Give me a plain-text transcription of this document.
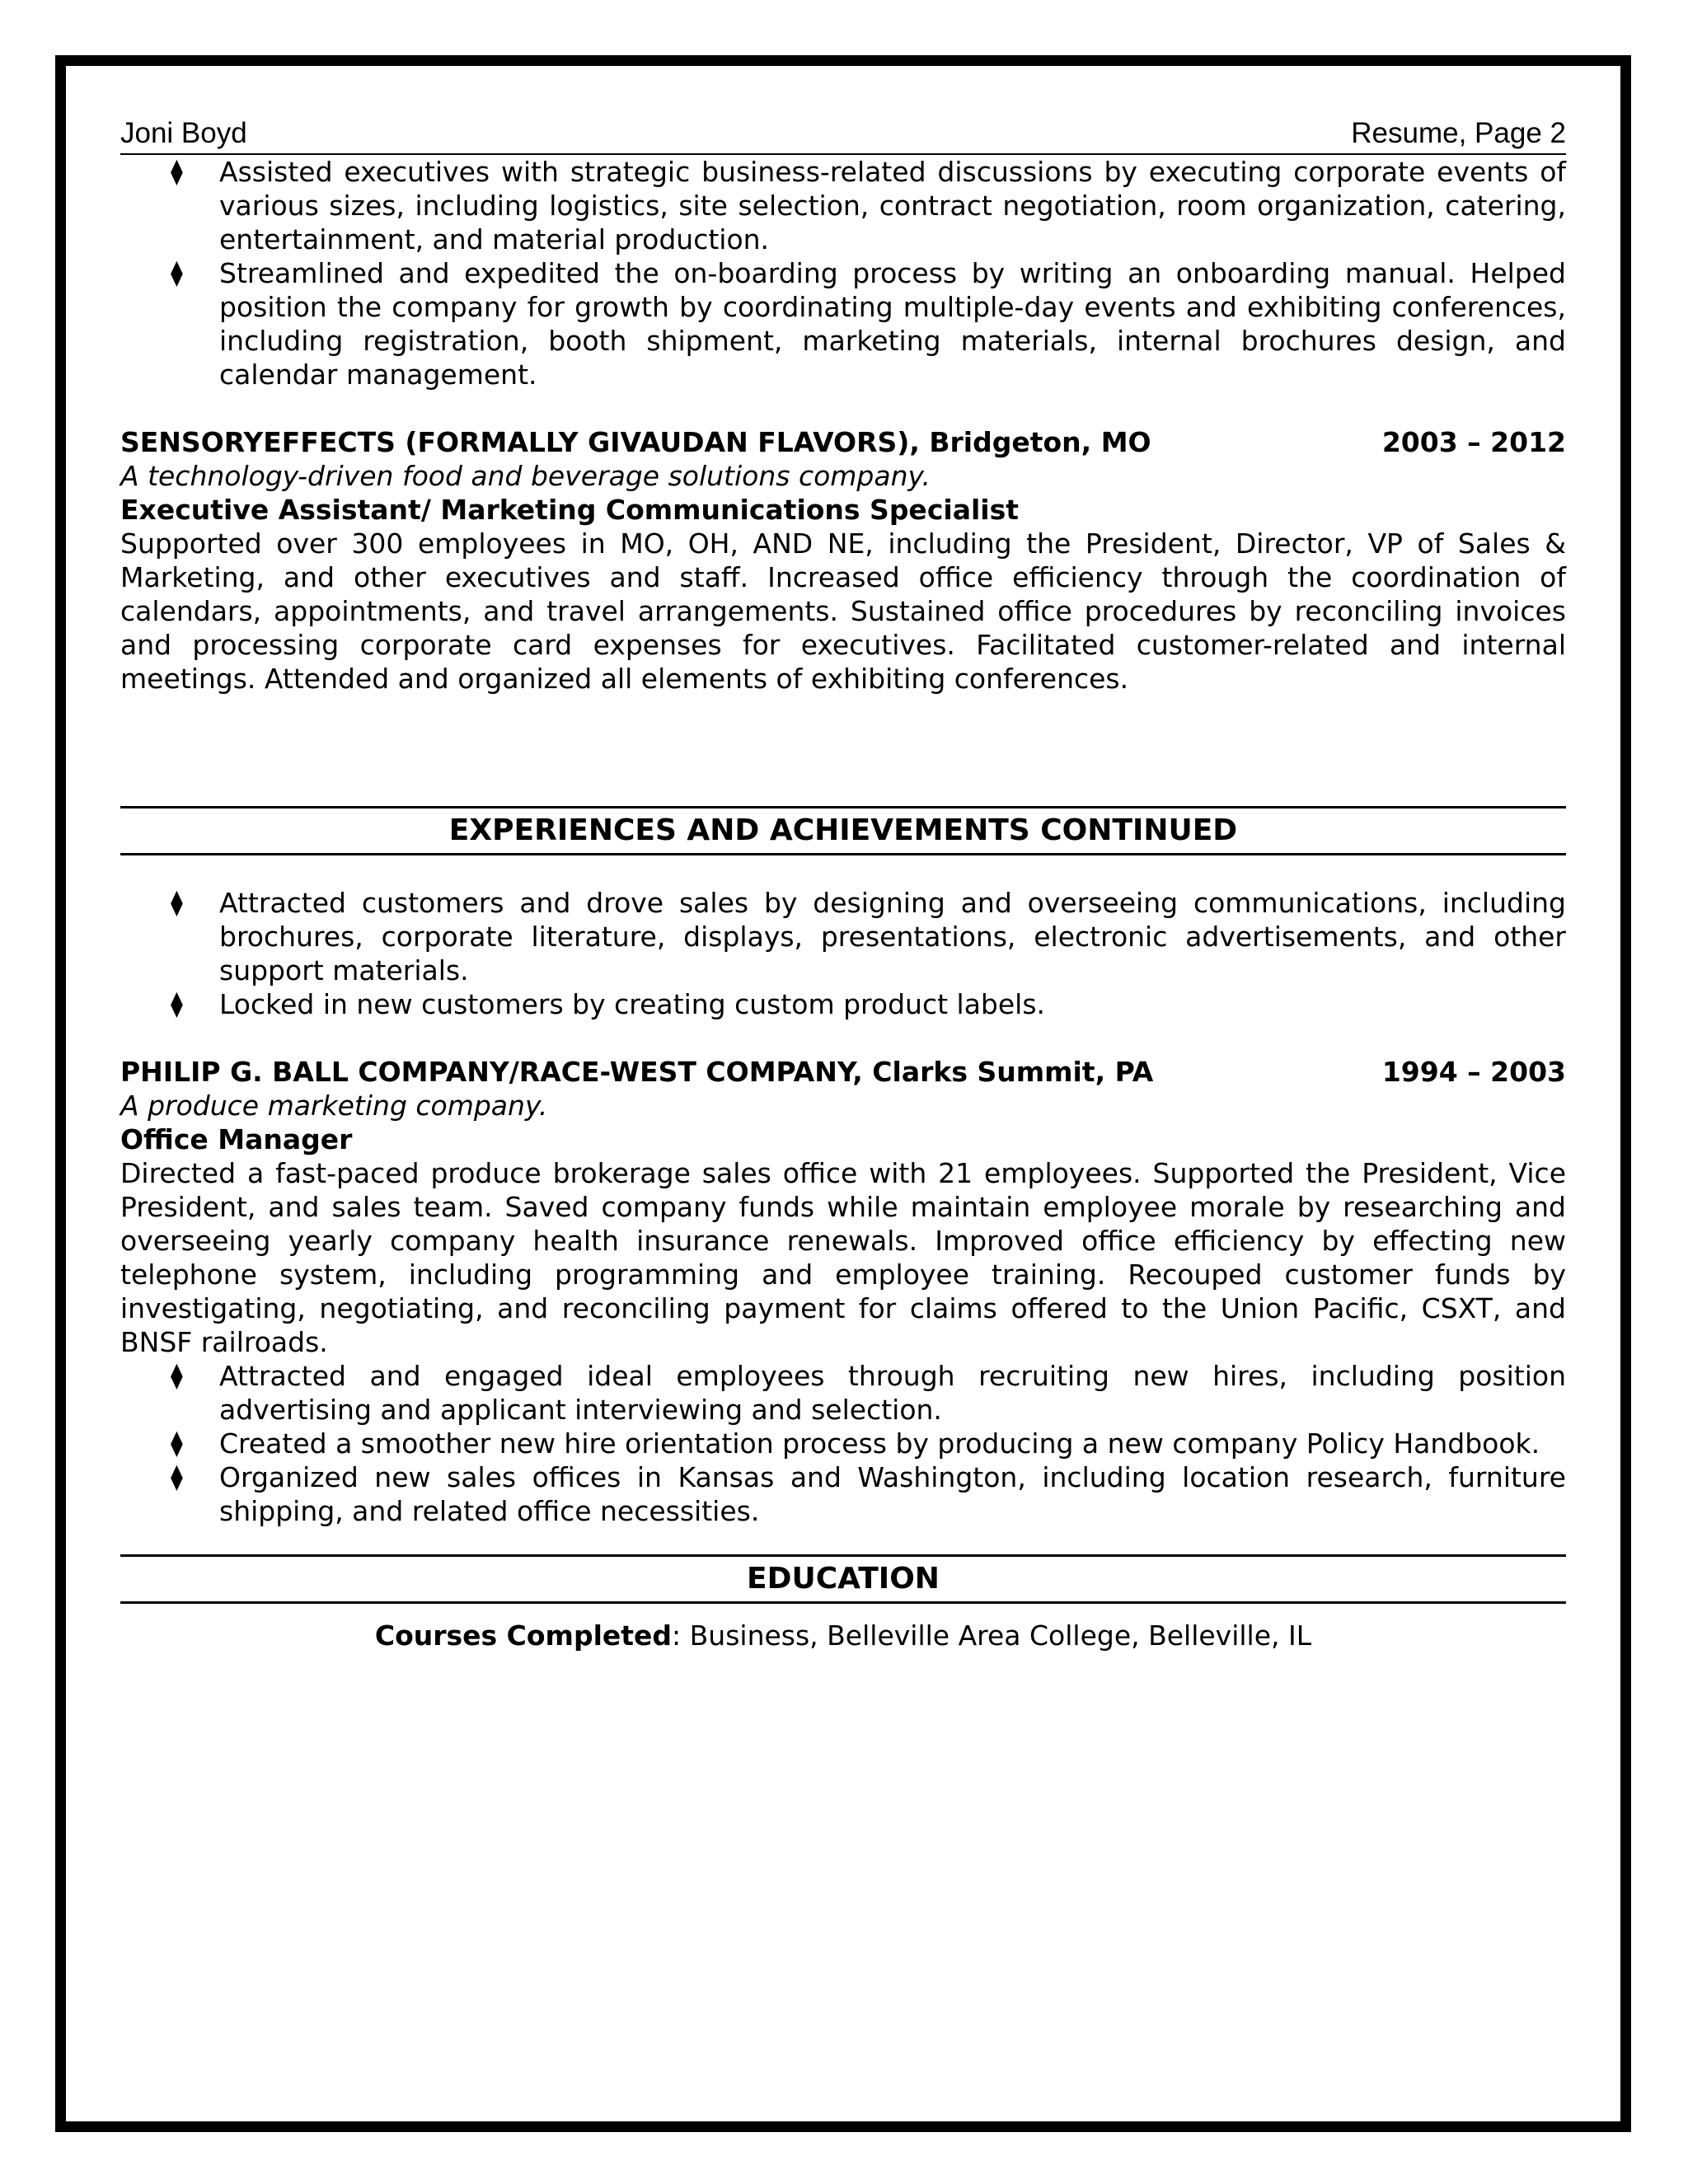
Joni Boyd	Resume, Page 2
⧫ Assisted executives with strategic business-related discussions by executing corporate events of various sizes, including logistics, site selection, contract negotiation, room organization, catering, entertainment, and material production.
⧫ Streamlined and expedited the on-boarding process by writing an onboarding manual. Helped position the company for growth by coordinating multiple-day events and exhibiting conferences, including registration, booth shipment, marketing materials, internal brochures design, and calendar management.
SENSORYEFFECTS (FORMALLY GIVAUDAN FLAVORS), Bridgeton, MO	2003 – 2012
A technology-driven food and beverage solutions company.
Executive Assistant/ Marketing Communications Specialist
Supported over 300 employees in MO, OH, AND NE, including the President, Director, VP of Sales & Marketing, and other executives and staff. Increased office efficiency through the coordination of calendars, appointments, and travel arrangements. Sustained office procedures by reconciling invoices and processing corporate card expenses for executives. Facilitated customer-related and internal meetings. Attended and organized all elements of exhibiting conferences.
EXPERIENCES AND ACHIEVEMENTS CONTINUED
⧫ Attracted customers and drove sales by designing and overseeing communications, including brochures, corporate literature, displays, presentations, electronic advertisements, and other support materials.
⧫ Locked in new customers by creating custom product labels.
PHILIP G. BALL COMPANY/RACE-WEST COMPANY, Clarks Summit, PA	1994 – 2003
A produce marketing company.
Office Manager
Directed a fast-paced produce brokerage sales office with 21 employees. Supported the President, Vice President, and sales team. Saved company funds while maintain employee morale by researching and overseeing yearly company health insurance renewals. Improved office efficiency by effecting new telephone system, including programming and employee training. Recouped customer funds by investigating, negotiating, and reconciling payment for claims offered to the Union Pacific, CSXT, and BNSF railroads.
⧫ Attracted and engaged ideal employees through recruiting new hires, including position advertising and applicant interviewing and selection.
⧫ Created a smoother new hire orientation process by producing a new company Policy Handbook.
⧫ Organized new sales offices in Kansas and Washington, including location research, furniture shipping, and related office necessities.
EDUCATION
Courses Completed: Business, Belleville Area College, Belleville, IL
